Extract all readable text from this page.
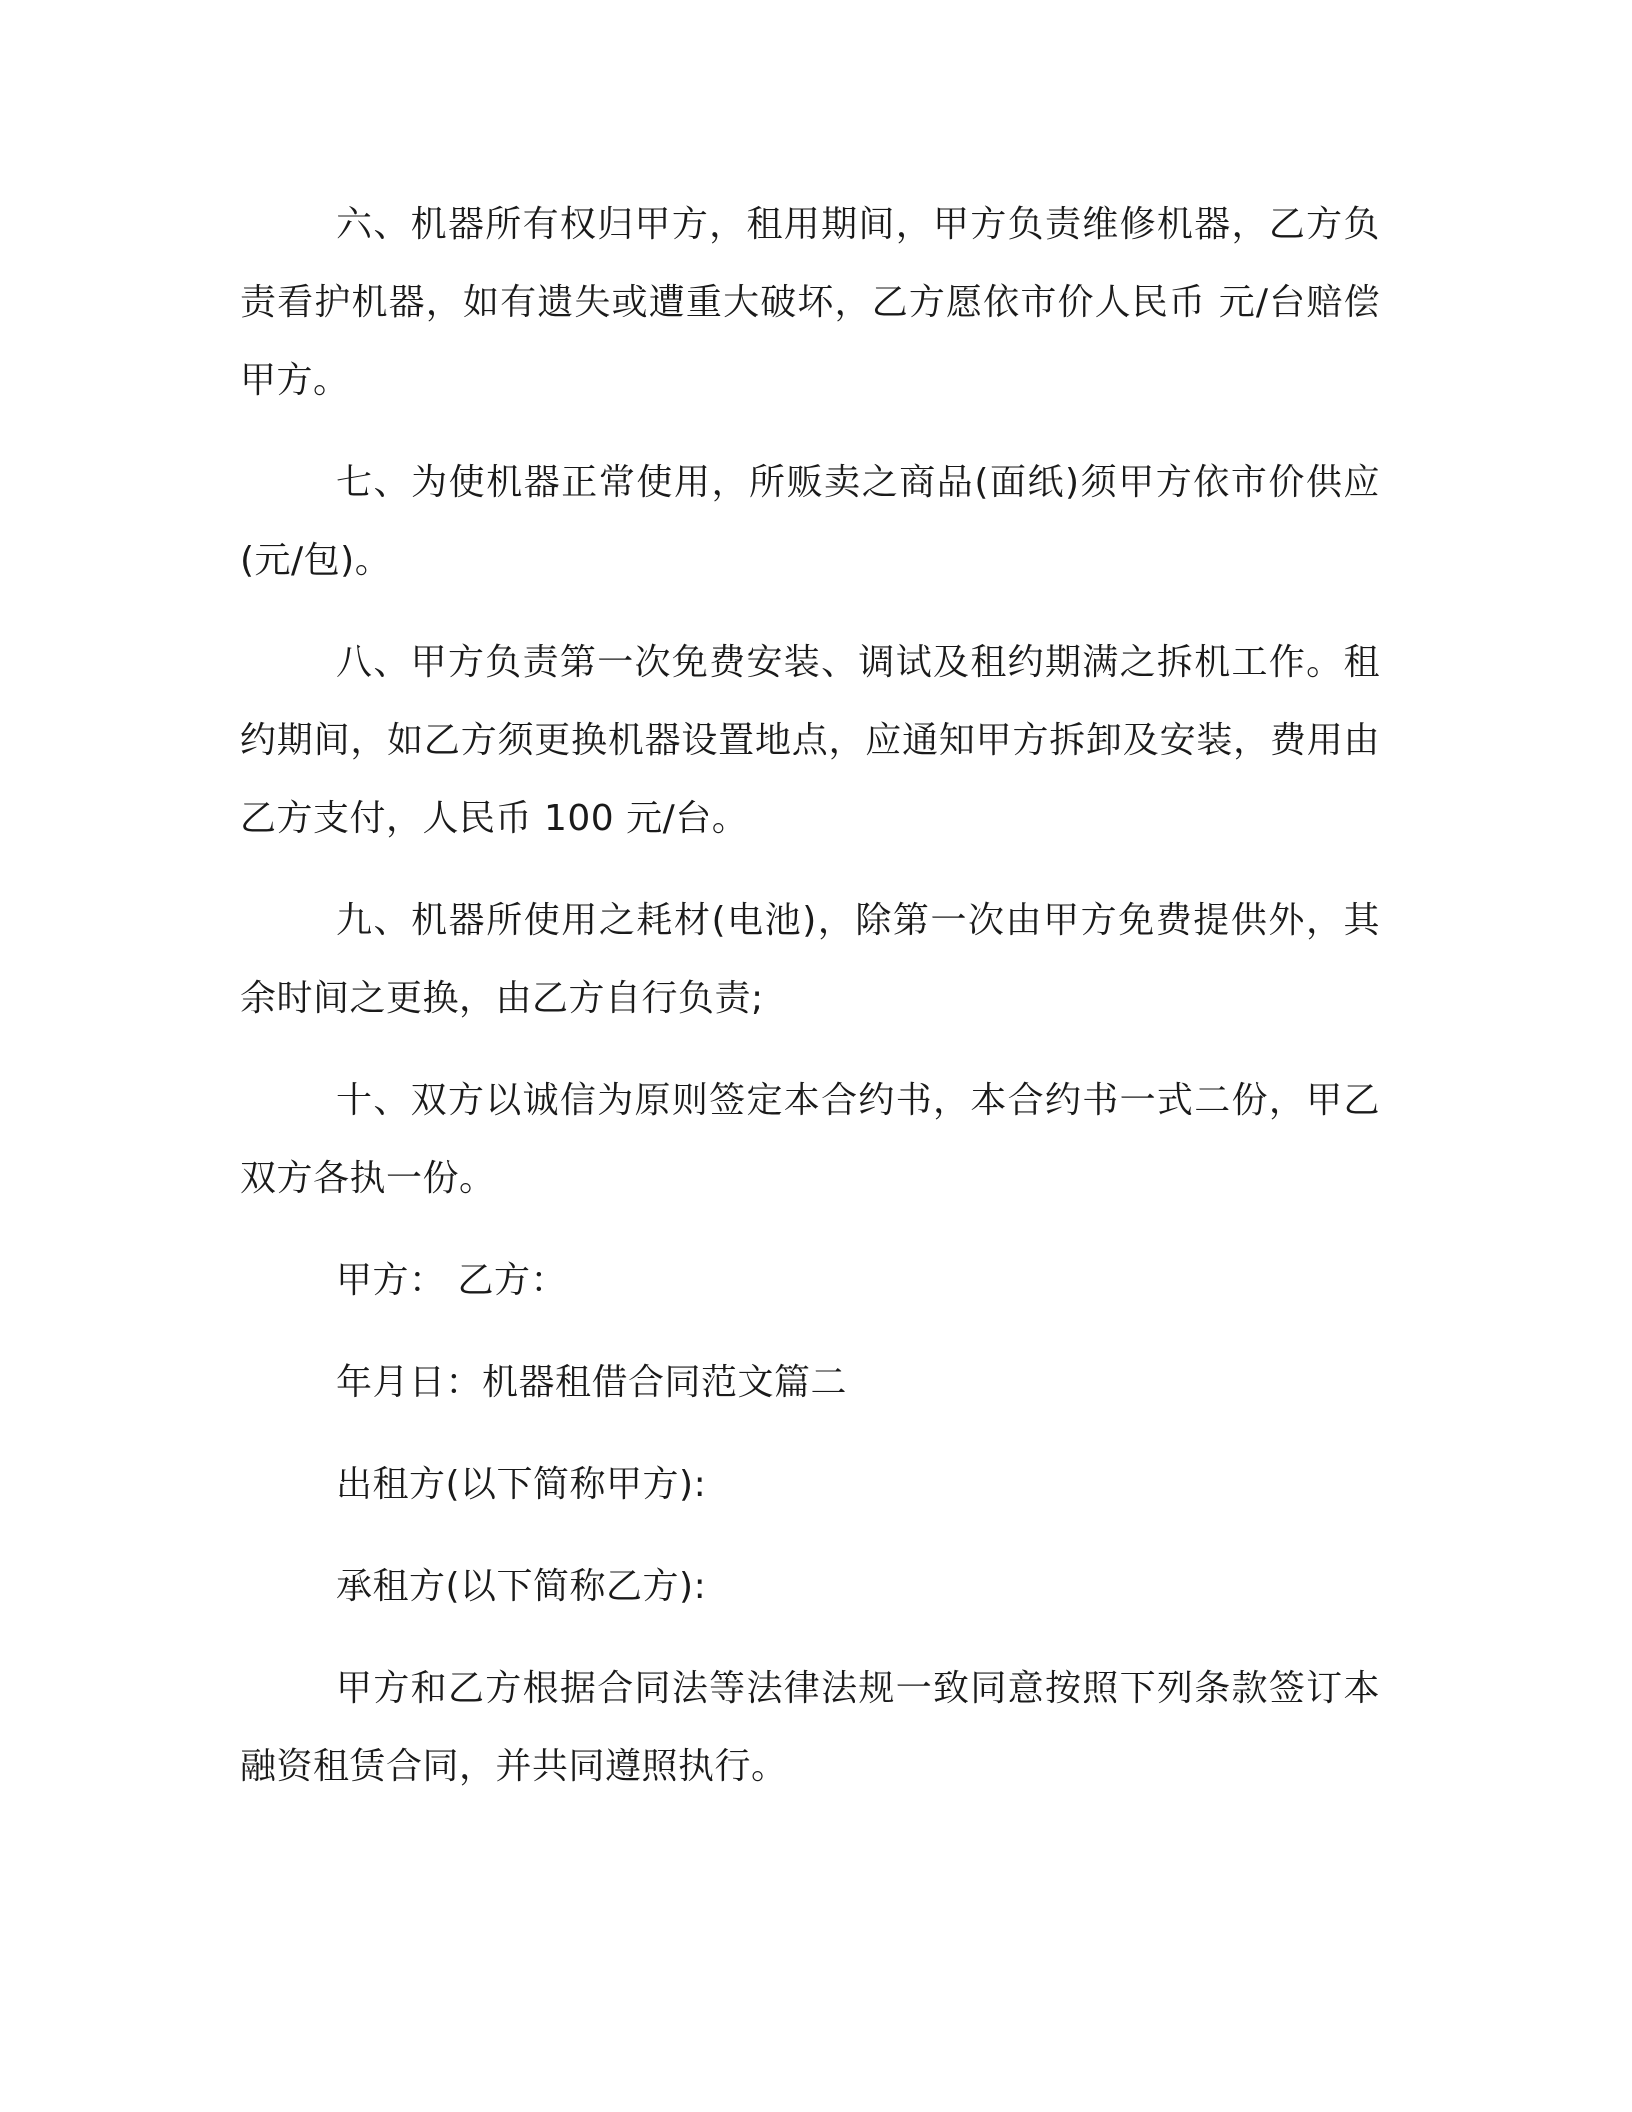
六、机器所有权归甲方，租用期间，甲方负责维修机器，乙方负责看护机器，如有遗失或遭重大破坏，乙方愿依市价人民币 元/台赔偿甲方。

七、为使机器正常使用，所贩卖之商品(面纸)须甲方依市价供应(元/包)。

八、甲方负责第一次免费安装、调试及租约期满之拆机工作。租约期间，如乙方须更换机器设置地点，应通知甲方拆卸及安装，费用由乙方支付，人民币 100 元/台。

九、机器所使用之耗材(电池)，除第一次由甲方免费提供外，其余时间之更换，由乙方自行负责;

十、双方以诚信为原则签定本合约书，本合约书一式二份，甲乙双方各执一份。

甲方： 乙方：

年月日：机器租借合同范文篇二

出租方(以下简称甲方):

承租方(以下简称乙方):

甲方和乙方根据合同法等法律法规一致同意按照下列条款签订本融资租赁合同，并共同遵照执行。
